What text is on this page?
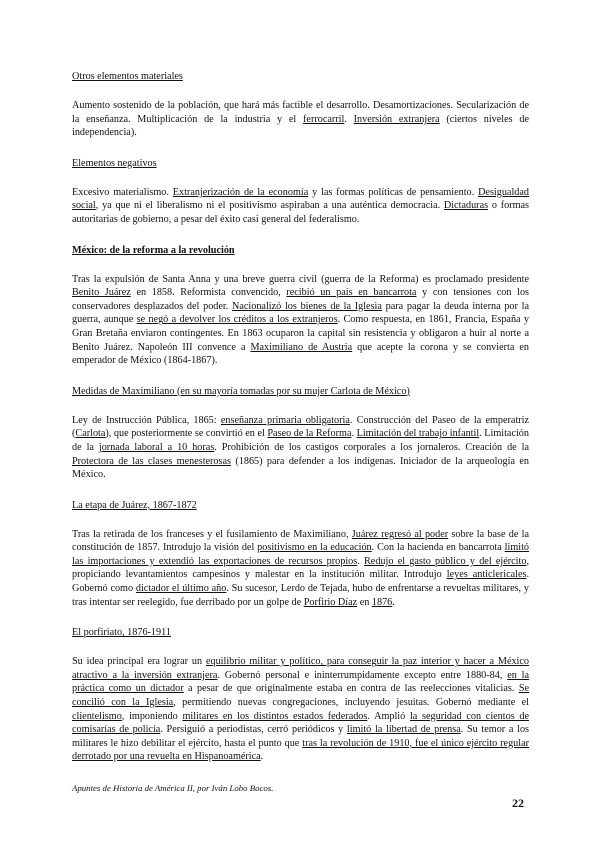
Otros elementos materiales
Aumento sostenido de la población, que hará más factible el desarrollo. Desamortizaciones. Secularización de la enseñanza. Multiplicación de la industria y el ferrocarril. Inversión extranjera (ciertos niveles de independencia).
Elementos negativos
Excesivo materialismo. Extranjerización de la economía y las formas políticas de pensamiento. Desigualdad social, ya que ni el liberalismo ni el positivismo aspiraban a una auténtica democracia. Dictaduras o formas autoritarias de gobierno, a pesar del éxito casi general del federalismo.
México: de la reforma a la revolución
Tras la expulsión de Santa Anna y una breve guerra civil (guerra de la Reforma) es proclamado presidente Benito Juárez en 1858. Reformista convencido, recibió un país en bancarrota y con tensiones con los conservadores desplazados del poder. Nacionalizó los bienes de la Iglesia para pagar la deuda interna por la guerra, aunque se negó a devolver los créditos a los extranjeros. Como respuesta, en 1861, Francia, España y Gran Bretaña enviaron contingentes. En 1863 ocuparon la capital sin resistencia y obligaron a huir al norte a Benito Juárez. Napoleón III convence a Maximiliano de Austria que acepte la corona y se convierta en emperador de México (1864-1867).
Medidas de Maximiliano (en su mayoría tomadas por su mujer Carlota de México)
Ley de Instrucción Pública, 1865: enseñanza primaria obligatoria. Construcción del Paseo de la emperatriz (Carlota), que posteriormente se convirtió en el Paseo de la Reforma. Limitación del trabajo infantil. Limitación de la jornada laboral a 10 horas. Prohibición de los castigos corporales a los jornaleros. Creación de la Protectora de las clases menesterosas (1865) para defender a los indígenas. Iniciador de la arqueología en México.
La etapa de Juárez, 1867-1872
Tras la retirada de los franceses y el fusilamiento de Maximiliano, Juárez regresó al poder sobre la base de la constitución de 1857. Introdujo la visión del positivismo en la educación. Con la hacienda en bancarrota limitó las importaciones y extendió las exportaciones de recursos propios. Redujo el gasto público y del ejército, propiciando levantamientos campesinos y malestar en la institución militar. Introdujo leyes anticlericales. Gobernó como dictador el último año. Su sucesor, Lerdo de Tejada, hubo de enfrentarse a revueltas militares, y tras intentar ser reelegido, fue derribado por un golpe de Porfirio Díaz en 1876.
El porfiriato, 1876-1911
Su idea principal era lograr un equilibrio militar y político, para conseguir la paz interior y hacer a México atractivo a la inversión extranjera. Gobernó personal e ininterrumpidamente excepto entre 1880-84, en la práctica como un dictador a pesar de que originalmente estaba en contra de las reelecciones vitalicias. Se concilió con la Iglesia, permitiendo nuevas congregaciones, incluyendo jesuitas. Gobernó mediante el clientelismo, imponiendo militares en los distintos estados federados. Amplió la seguridad con cientos de comisarías de policía. Persiguió a periodistas, cerró periódicos y limitó la libertad de prensa. Su temor a los militares le hizo debilitar el ejército, hasta el punto que tras la revolución de 1910, fue el único ejército regular derrotado por una revuelta en Hispanoamérica.
Apuntes de Historia de América II, por Iván Lobo Bocos.
22
